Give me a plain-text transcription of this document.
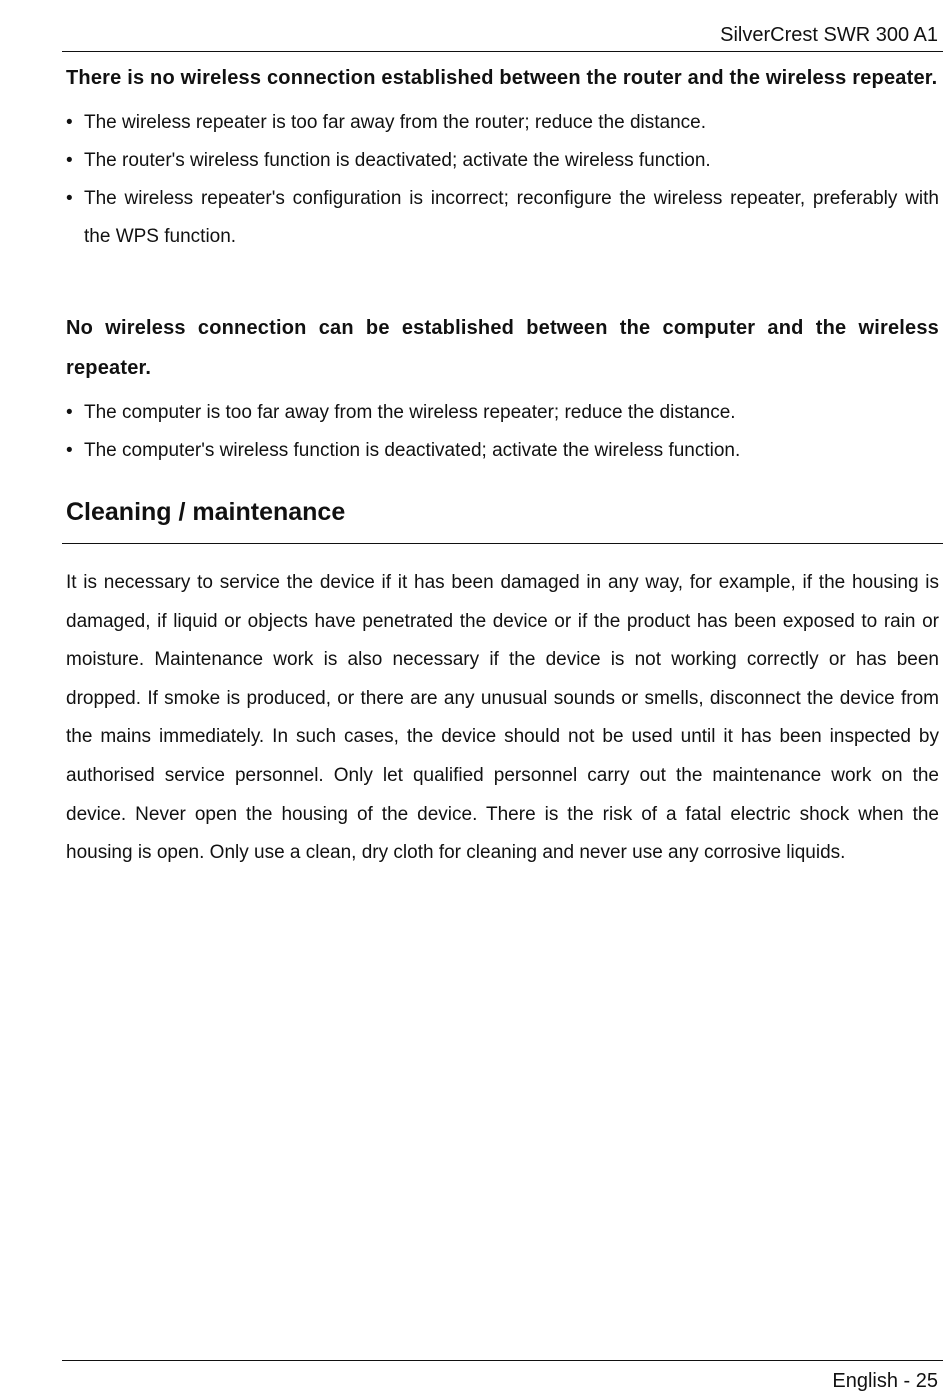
SilverCrest SWR 300 A1

There is no wireless connection established between the router and the wireless repeater.

• The wireless repeater is too far away from the router; reduce the distance.
• The router's wireless function is deactivated; activate the wireless function.
• The wireless repeater's configuration is incorrect; reconfigure the wireless repeater, preferably with the WPS function.

No wireless connection can be established between the computer and the wireless repeater.

• The computer is too far away from the wireless repeater; reduce the distance.
• The computer's wireless function is deactivated; activate the wireless function.
Cleaning / maintenance

It is necessary to service the device if it has been damaged in any way, for example, if the housing is damaged, if liquid or objects have penetrated the device or if the product has been exposed to rain or moisture. Maintenance work is also necessary if the device is not working correctly or has been dropped. If smoke is produced, or there are any unusual sounds or smells, disconnect the device from the mains immediately. In such cases, the device should not be used until it has been inspected by authorised service personnel. Only let qualified personnel carry out the maintenance work on the device. Never open the housing of the device. There is the risk of a fatal electric shock when the housing is open. Only use a clean, dry cloth for cleaning and never use any corrosive liquids.

English - 25
